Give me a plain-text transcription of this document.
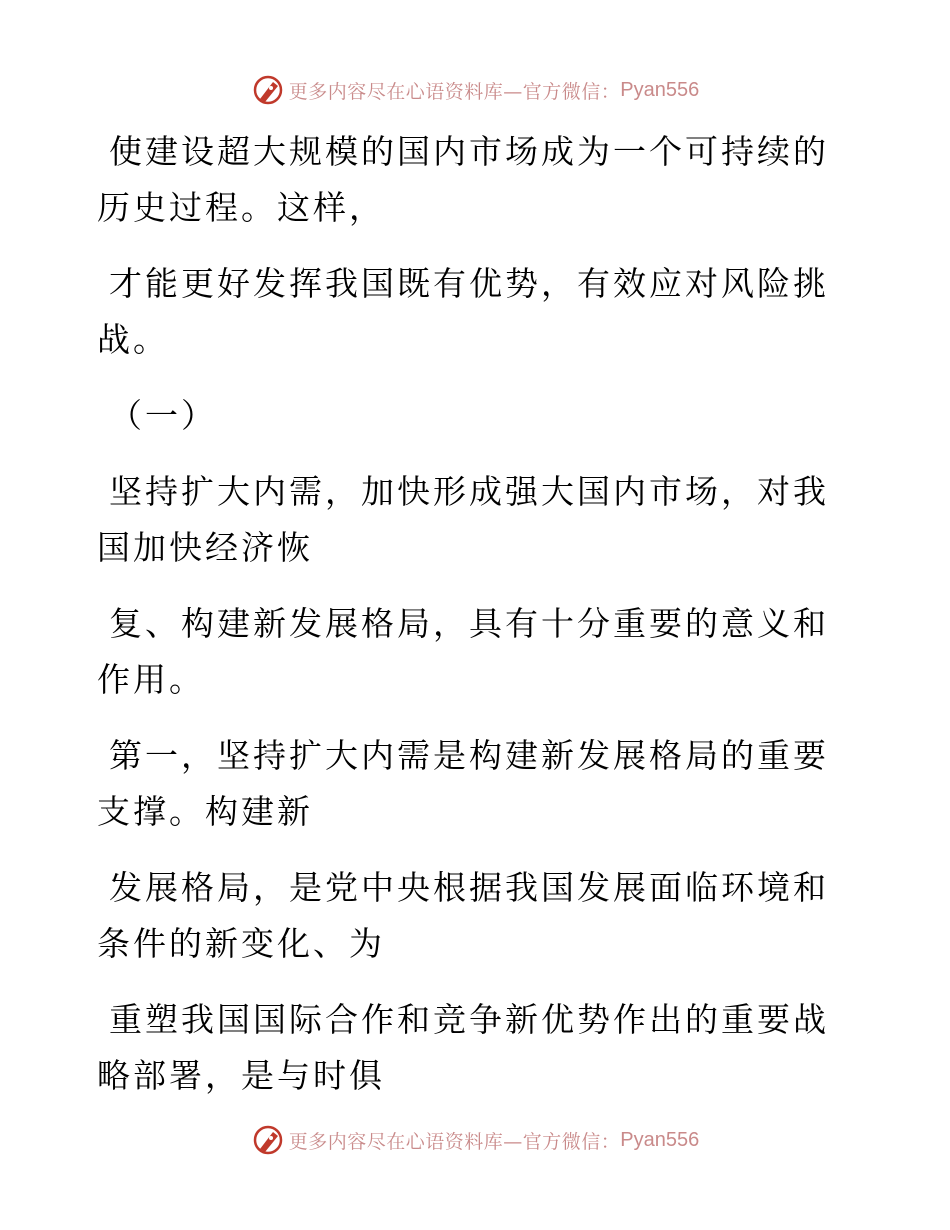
更多内容尽在心语资料库—官方微信： Pyan556

使建设超大规模的国内市场成为一个可持续的历史过程。这样，

才能更好发挥我国既有优势，有效应对风险挑战。

（一）

坚持扩大内需，加快形成强大国内市场，对我国加快经济恢

复、构建新发展格局，具有十分重要的意义和作用。

第一，坚持扩大内需是构建新发展格局的重要支撑。构建新

发展格局，是党中央根据我国发展面临环境和条件的新变化、为

重塑我国国际合作和竞争新优势作出的重要战略部署，是与时俱

更多内容尽在心语资料库—官方微信： Pyan556
